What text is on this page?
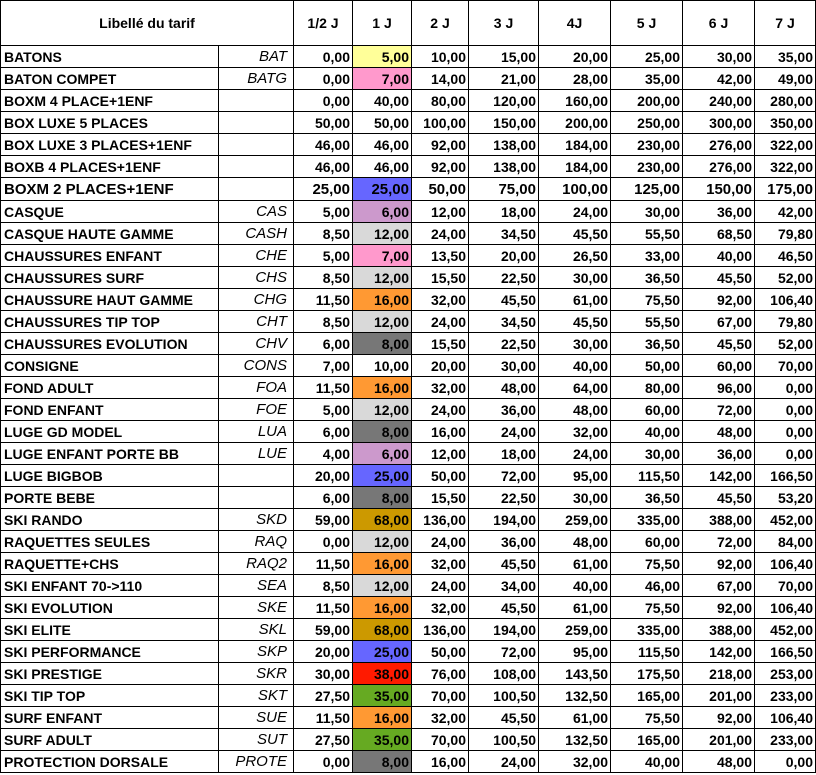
Libellé du tarif		1/2 J	1 J	2 J	3 J	4J	5 J	6 J	7 J
BATONS	BAT	0,00	5,00	10,00	15,00	20,00	25,00	30,00	35,00
BATON COMPET	BATG	0,00	7,00	14,00	21,00	28,00	35,00	42,00	49,00
BOXM 4 PLACE+1ENF		0,00	40,00	80,00	120,00	160,00	200,00	240,00	280,00
BOX LUXE 5 PLACES		50,00	50,00	100,00	150,00	200,00	250,00	300,00	350,00
BOX LUXE 3 PLACES+1ENF		46,00	46,00	92,00	138,00	184,00	230,00	276,00	322,00
BOXB 4 PLACES+1ENF		46,00	46,00	92,00	138,00	184,00	230,00	276,00	322,00
BOXM 2 PLACES+1ENF		25,00	25,00	50,00	75,00	100,00	125,00	150,00	175,00
CASQUE	CAS	5,00	6,00	12,00	18,00	24,00	30,00	36,00	42,00
CASQUE HAUTE GAMME	CASH	8,50	12,00	24,00	34,50	45,50	55,50	68,50	79,80
CHAUSSURES ENFANT	CHE	5,00	7,00	13,50	20,00	26,50	33,00	40,00	46,50
CHAUSSURES SURF	CHS	8,50	12,00	15,50	22,50	30,00	36,50	45,50	52,00
CHAUSSURE HAUT GAMME	CHG	11,50	16,00	32,00	45,50	61,00	75,50	92,00	106,40
CHAUSSURES TIP TOP	CHT	8,50	12,00	24,00	34,50	45,50	55,50	67,00	79,80
CHAUSSURES EVOLUTION	CHV	6,00	8,00	15,50	22,50	30,00	36,50	45,50	52,00
CONSIGNE	CONS	7,00	10,00	20,00	30,00	40,00	50,00	60,00	70,00
FOND ADULT	FOA	11,50	16,00	32,00	48,00	64,00	80,00	96,00	0,00
FOND ENFANT	FOE	5,00	12,00	24,00	36,00	48,00	60,00	72,00	0,00
LUGE GD MODEL	LUA	6,00	8,00	16,00	24,00	32,00	40,00	48,00	0,00
LUGE ENFANT PORTE BB	LUE	4,00	6,00	12,00	18,00	24,00	30,00	36,00	0,00
LUGE BIGBOB		20,00	25,00	50,00	72,00	95,00	115,50	142,00	166,50
PORTE BEBE		6,00	8,00	15,50	22,50	30,00	36,50	45,50	53,20
SKI RANDO	SKD	59,00	68,00	136,00	194,00	259,00	335,00	388,00	452,00
RAQUETTES SEULES	RAQ	0,00	12,00	24,00	36,00	48,00	60,00	72,00	84,00
RAQUETTE+CHS	RAQ2	11,50	16,00	32,00	45,50	61,00	75,50	92,00	106,40
SKI ENFANT 70->110	SEA	8,50	12,00	24,00	34,00	40,00	46,00	67,00	70,00
SKI EVOLUTION	SKE	11,50	16,00	32,00	45,50	61,00	75,50	92,00	106,40
SKI ELITE	SKL	59,00	68,00	136,00	194,00	259,00	335,00	388,00	452,00
SKI PERFORMANCE	SKP	20,00	25,00	50,00	72,00	95,00	115,50	142,00	166,50
SKI PRESTIGE	SKR	30,00	38,00	76,00	108,00	143,50	175,50	218,00	253,00
SKI TIP TOP	SKT	27,50	35,00	70,00	100,50	132,50	165,00	201,00	233,00
SURF ENFANT	SUE	11,50	16,00	32,00	45,50	61,00	75,50	92,00	106,40
SURF ADULT	SUT	27,50	35,00	70,00	100,50	132,50	165,00	201,00	233,00
PROTECTION DORSALE	PROTE	0,00	8,00	16,00	24,00	32,00	40,00	48,00	0,00
